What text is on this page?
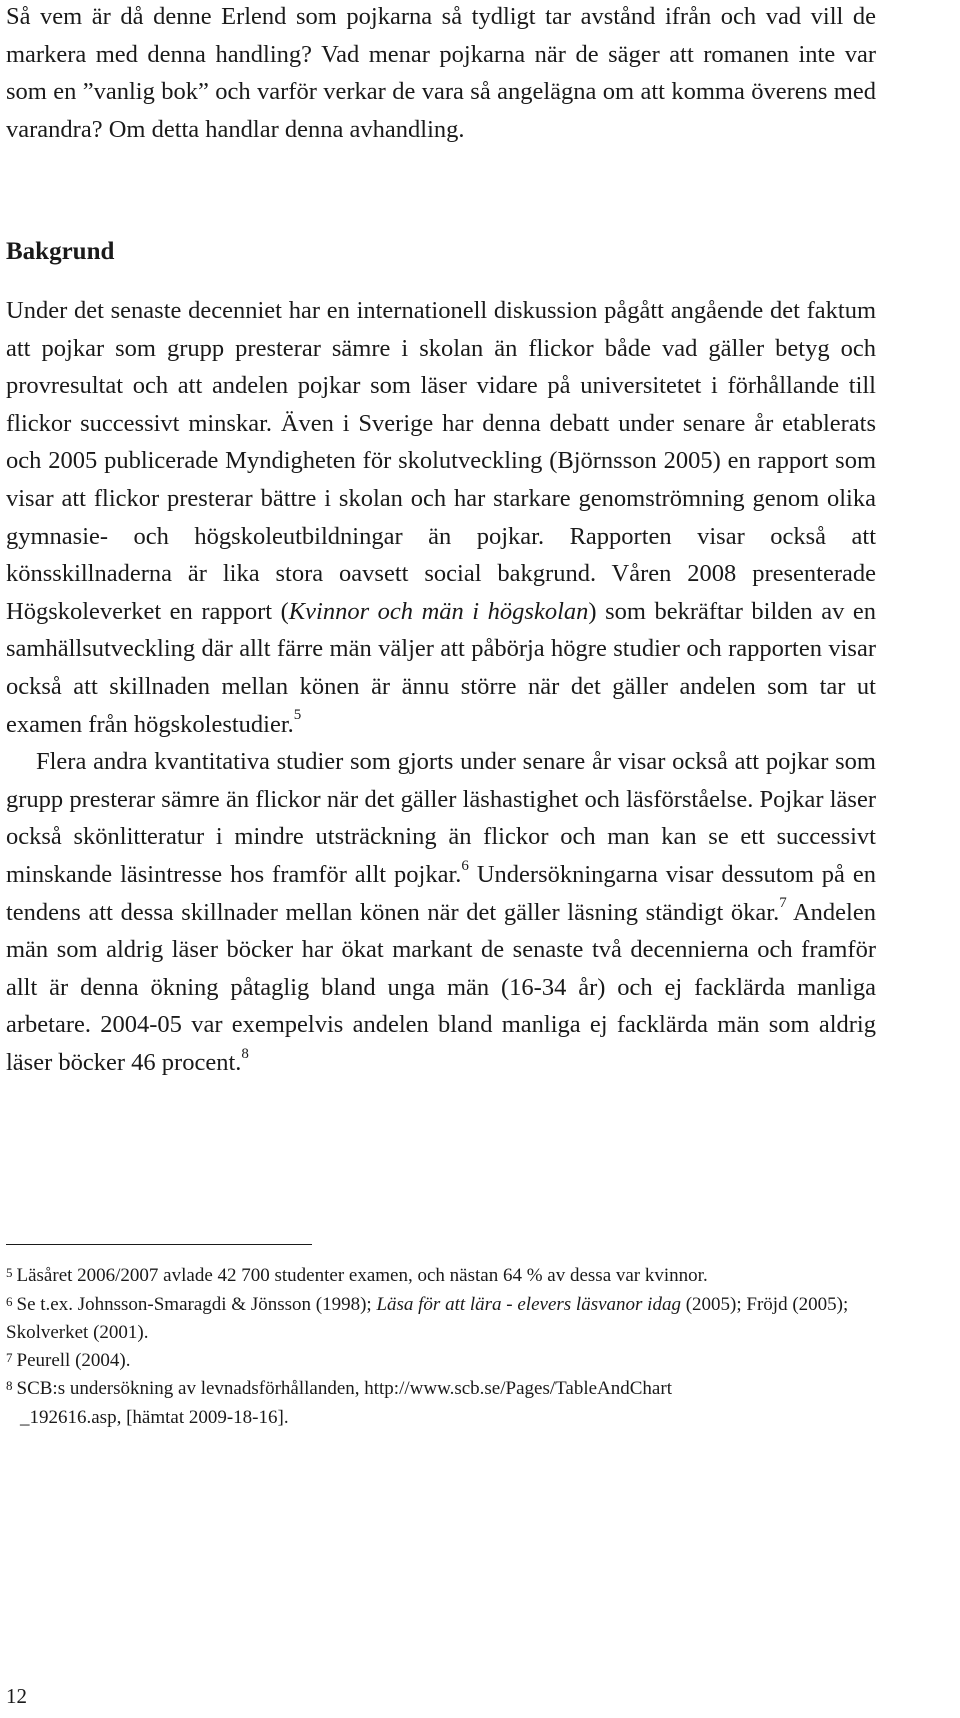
Så vem är då denne Erlend som pojkarna så tydligt tar avstånd ifrån och vad vill de markera med denna handling? Vad menar pojkarna när de säger att romanen inte var som en ”vanlig bok” och varför verkar de vara så angelägna om att komma överens med varandra? Om detta handlar denna avhandling.

Bakgrund

Under det senaste decenniet har en internationell diskussion pågått angående det faktum att pojkar som grupp presterar sämre i skolan än flickor både vad gäller betyg och provresultat och att andelen pojkar som läser vidare på universitetet i förhållande till flickor successivt minskar. Även i Sverige har denna debatt under senare år etablerats och 2005 publicerade Myndigheten för skolutveckling (Björnsson 2005) en rapport som visar att flickor presterar bättre i skolan och har starkare genomströmning genom olika gymnasie- och högskoleutbildningar än pojkar. Rapporten visar också att könsskillnaderna är lika stora oavsett social bakgrund. Våren 2008 presenterade Högskoleverket en rapport (Kvinnor och män i högskolan) som bekräftar bilden av en samhällsutveckling där allt färre män väljer att påbörja högre studier och rapporten visar också att skillnaden mellan könen är ännu större när det gäller andelen som tar ut examen från högskolestudier.$^5$

Flera andra kvantitativa studier som gjorts under senare år visar också att pojkar som grupp presterar sämre än flickor när det gäller läshastighet och läsförståelse. Pojkar läser också skönlitteratur i mindre utsträckning än flickor och man kan se ett successivt minskande läsintresse hos framför allt pojkar.$^6$ Undersökningarna visar dessutom på en tendens att dessa skillnader mellan könen när det gäller läsning ständigt ökar.$^7$ Andelen män som aldrig läser böcker har ökat markant de senaste två decennierna och framför allt är denna ökning påtaglig bland unga män (16-34 år) och ej facklärda manliga arbetare. 2004-05 var exempelvis andelen bland manliga ej facklärda män som aldrig läser böcker 46 procent.$^8$

$^5$ Läsåret 2006/2007 avlade 42 700 studenter examen, och nästan 64 % av dessa var kvinnor.

$^6$ Se t.ex. Johnsson-Smaragdi & Jönsson (1998); Läsa för att lära - elevers läsvanor idag (2005); Fröjd (2005); Skolverket (2001).

$^7$ Peurell (2004).

$^8$ SCB:s undersökning av levnadsförhållanden, http://www.scb.se/Pages/TableAndChart
_192616.asp, [hämtat 2009-18-16].

12
